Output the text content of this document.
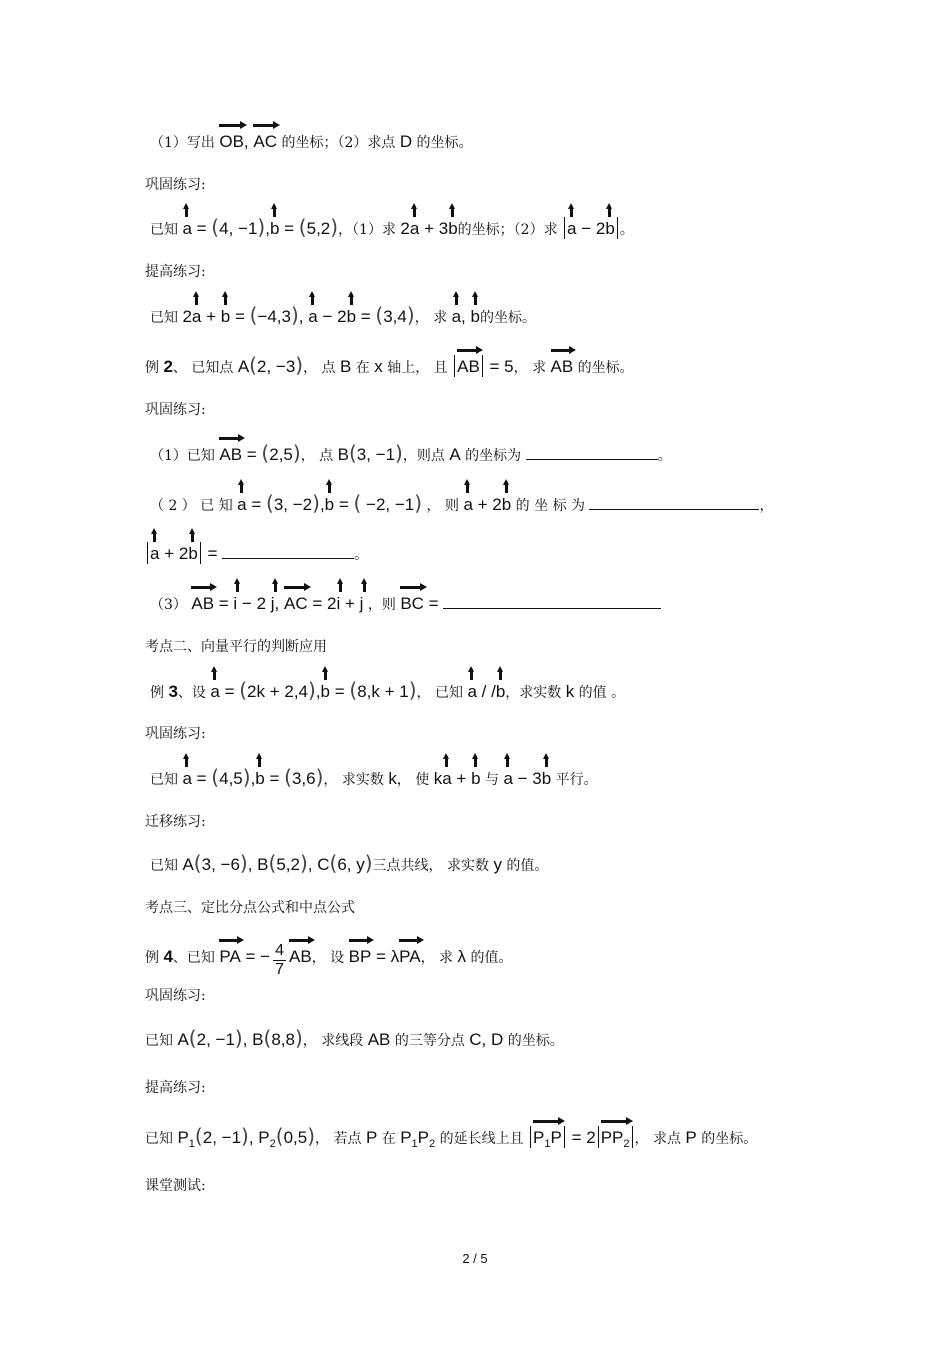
（1）写出 OB, AC 的坐标；（2）求点 D 的坐标。
巩固练习:
已知 a = (4, −1),b = (5,2)，（1）求 2a + 3b的坐标；（2）求 a − 2b 。
提高练习:
已知 2a + b = (−4,3), a − 2b = (3,4)， 求 a, b的坐标。
例 2、 已知点 A(2, −3)， 点 B 在 x 轴上， 且 AB = 5， 求 AB 的坐标。
巩固练习:
（1）已知 AB = (2,5)， 点 B(3, −1)，则点 A 的坐标为	。
（ 2 ） 已 知 a = (3, −2),b = ( −2, −1) ， 则 a + 2b 的 坐 标 为	，
a + 2b =	。
（3） AB = i − 2 j, AC = 2i + j ，则 BC =
考点二、向量平行的判断应用
例 3、设 a = (2k + 2,4),b = (8,k + 1)， 已知 a / /b，求实数 k 的值 。
巩固练习:
已知 a = (4,5),b = (3,6)， 求实数 k， 使 ka + b 与 a − 3b 平行。
迁移练习:
已知 A(3, −6), B(5,2), C(6, y)三点共线， 求实数 y 的值。
考点三、定比分点公式和中点公式
例 4、已知 PA = − $\frac{4}{7}$ AB， 设 BP = λPA， 求 λ 的值。
巩固练习:
已知 A(2, −1), B(8,8)， 求线段 AB 的三等分点 C, D 的坐标。
提高练习:
已知 $P_1(2$, −1), $P_2(0,5)$， 若点 P 在 $P_1P_2$ 的延长线上且 $P_1P = 2$ $PP_2$ ， 求点 P 的坐标。
课堂测试:
2 / 5
